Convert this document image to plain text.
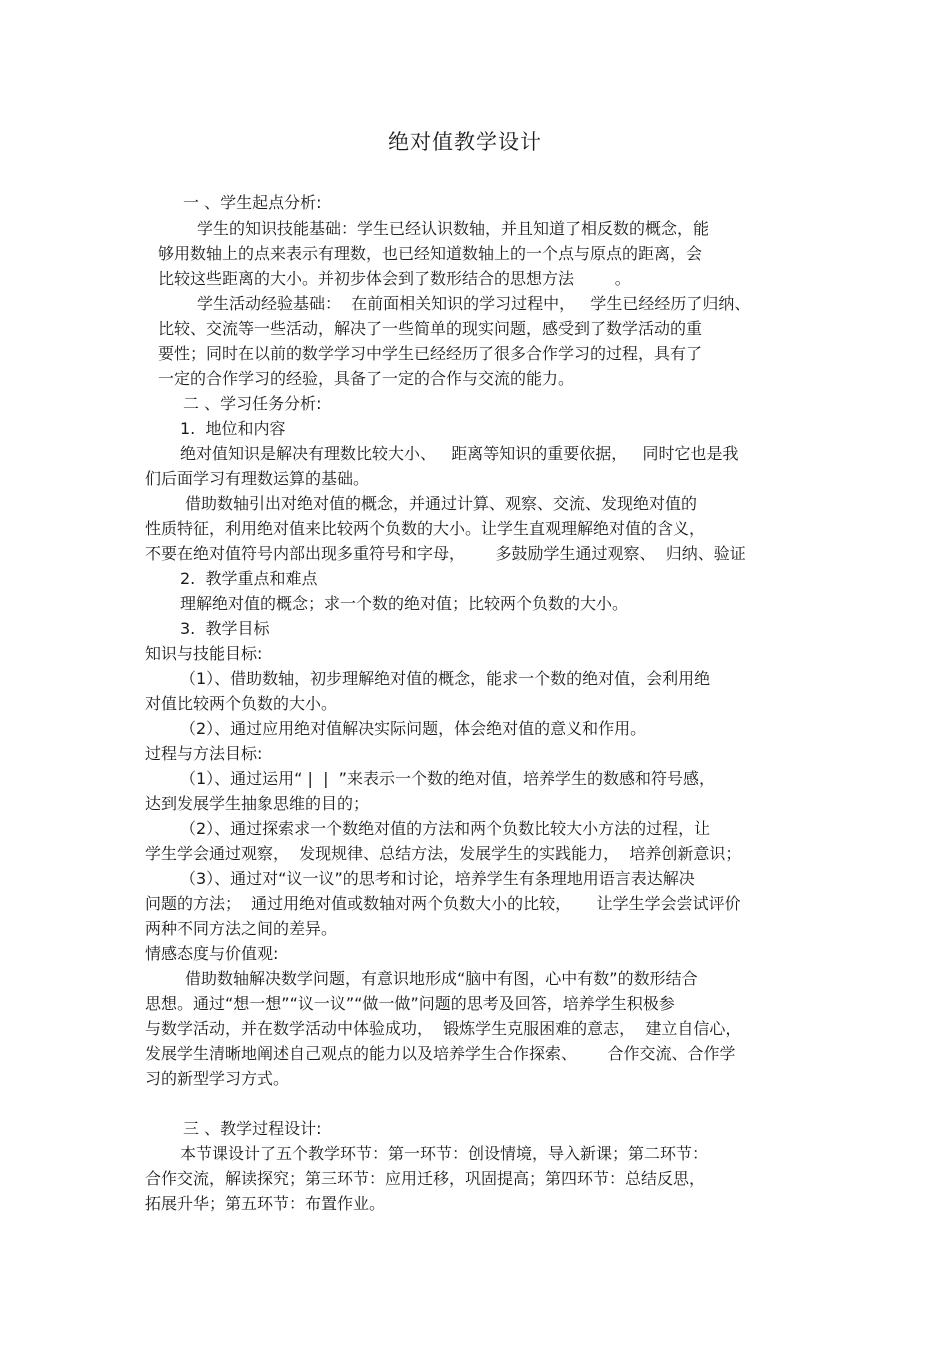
绝对值教学设计
一 、学生起点分析:
学生的知识技能基础：学生已经认识数轴，并且知道了相反数的概念，能
够用数轴上的点来表示有理数，也已经知道数轴上的一个点与原点的距离，会
比较这些距离的大小。并初步体会到了数形结合的思想方法        。
学生活动经验基础：  在前面相关知识的学习过程中，   学生已经经历了归纳、
比较、交流等一些活动，解决了一些简单的现实问题，感受到了数学活动的重
要性；同时在以前的数学学习中学生已经经历了很多合作学习的过程，具有了
一定的合作学习的经验，具备了一定的合作与交流的能力。
二 、学习任务分析:
1.  地位和内容
绝对值知识是解决有理数比较大小、   距离等知识的重要依据，   同时它也是我
们后面学习有理数运算的基础。
借助数轴引出对绝对值的概念，并通过计算、观察、交流、发现绝对值的
性质特征，利用绝对值来比较两个负数的大小。让学生直观理解绝对值的含义，
不要在绝对值符号内部出现多重符号和字母，      多鼓励学生通过观察、  归纳、验证
2.  教学重点和难点
理解绝对值的概念；求一个数的绝对值；比较两个负数的大小。
3.  教学目标
知识与技能目标:
（1）、借助数轴，初步理解绝对值的概念，能求一个数的绝对值，会利用绝
对值比较两个负数的大小。
（2）、通过应用绝对值解决实际问题，体会绝对值的意义和作用。
过程与方法目标:
（1）、通过运用“ |  |  ”来表示一个数的绝对值，培养学生的数感和符号感，
达到发展学生抽象思维的目的；
（2）、通过探索求一个数绝对值的方法和两个负数比较大小方法的过程，让
学生学会通过观察，  发现规律、总结方法，发展学生的实践能力，  培养创新意识；
（3）、通过对“议一议”的思考和讨论，培养学生有条理地用语言表达解决
问题的方法；  通过用绝对值或数轴对两个负数大小的比较，     让学生学会尝试评价
两种不同方法之间的差异。
情感态度与价值观:
借助数轴解决数学问题，有意识地形成“脑中有图，心中有数”的数形结合
思想。通过“想一想”“议一议”“做一做”问题的思考及回答，培养学生积极参
与数学活动，并在数学活动中体验成功，  锻炼学生克服困难的意志，  建立自信心，
发展学生清晰地阐述自己观点的能力以及培养学生合作探索、      合作交流、合作学
习的新型学习方式。
三 、教学过程设计:
本节课设计了五个教学环节：第一环节：创设情境，导入新课；第二环节：
合作交流，解读探究；第三环节：应用迁移，巩固提高；第四环节：总结反思，
拓展升华；第五环节：布置作业。
